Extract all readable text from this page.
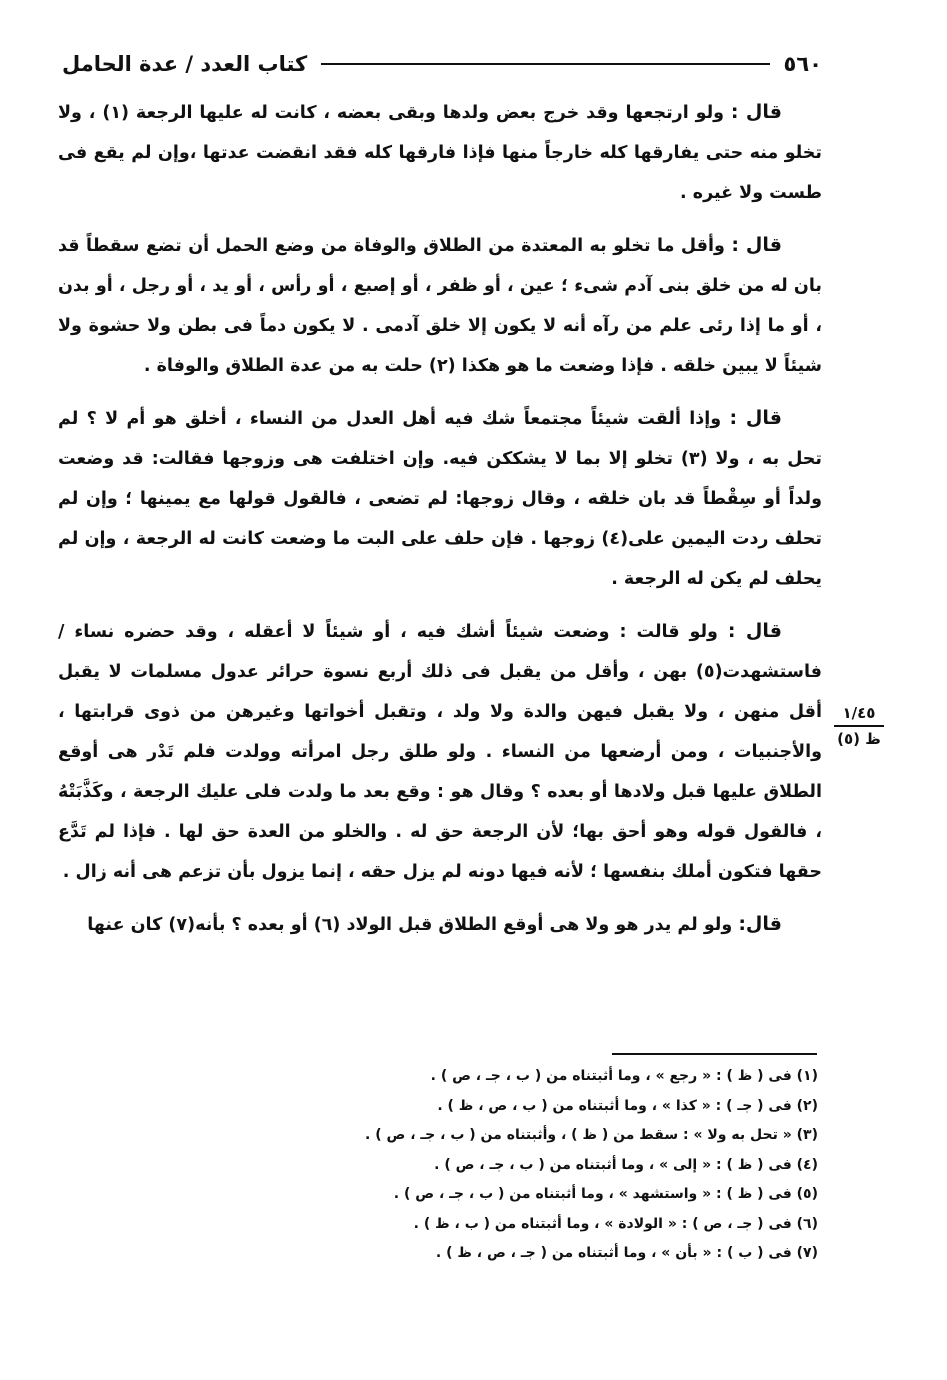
٥٦٠
كتاب العدد / عدة الحامل

قال : ولو ارتجعها وقد خرج بعض ولدها وبقى بعضه ، كانت له عليها الرجعة (١) ، ولا تخلو منه حتى يفارقها كله خارجاً منها فإذا فارقها كله فقد انقضت عدتها ،وإن لم يقع فى طست ولا غيره .

قال : وأقل ما تخلو به المعتدة من الطلاق والوفاة من وضع الحمل أن تضع سقطاً قد بان له من خلق بنى آدم شىء ؛ عين ، أو ظفر ، أو إصبع ، أو رأس ، أو يد ، أو رجل ، أو بدن ، أو ما إذا رئى علم من رآه أنه لا يكون إلا خلق آدمى . لا يكون دماً فى بطن ولا حشوة ولا شيئاً لا يبين خلقه . فإذا وضعت ما هو هكذا (٢) حلت به من عدة الطلاق والوفاة .

قال : وإذا ألقت شيئاً مجتمعاً شك فيه أهل العدل من النساء ، أخلق هو أم لا ؟ لم تحل به ، ولا (٣) تخلو إلا بما لا يشككن فيه. وإن اختلفت هى وزوجها فقالت: قد وضعت ولداً أو سِقْطاً قد بان خلقه ، وقال زوجها: لم تضعى ، فالقول قولها مع يمينها ؛ وإن لم تحلف ردت اليمين على(٤) زوجها . فإن حلف على البت ما وضعت كانت له الرجعة ، وإن لم يحلف لم يكن له الرجعة .

قال : ولو قالت : وضعت شيئاً أشك فيه ، أو شيئاً لا أعقله ، وقد حضره نساء / فاستشهدت(٥) بهن ، وأقل من يقبل فى ذلك أربع نسوة حرائر عدول مسلمات لا يقبل أقل منهن ، ولا يقبل فيهن والدة ولا ولد ، وتقبل أخواتها وغيرهن من ذوى قرابتها ، والأجنبيات ، ومن أرضعها من النساء . ولو طلق رجل امرأته وولدت فلم تَدْر هى أوقع الطلاق عليها قبل ولادها أو بعده ؟ وقال هو : وقع بعد ما ولدت فلى عليك الرجعة ، وكَذَّبَتْهُ ، فالقول قوله وهو أحق بها؛ لأن الرجعة حق له . والخلو من العدة حق لها . فإذا لم تَدَّع حقها فتكون أملك بنفسها ؛ لأنه فيها دونه لم يزل حقه ، إنما يزول بأن تزعم هى أنه زال .

قال: ولو لم يدر هو ولا هى أوقع الطلاق قبل الولاد (٦) أو بعده ؟ بأنه(٧) كان عنها

١/٤٥
ظ (٥)
(١) فى ( ظ ) : « رجع » ، وما أثبتناه من ( ب ، جـ ، ص ) .
(٢) فى ( جـ ) : « كذا » ، وما أثبتناه من ( ب ، ص ، ظ ) .
(٣) « تحل به ولا » : سقط من ( ظ ) ، وأثبتناه من ( ب ، جـ ، ص ) .
(٤) فى ( ظ ) : « إلى » ، وما أثبتناه من ( ب ، جـ ، ص ) .
(٥) فى ( ظ ) : « واستشهد » ، وما أثبتناه من ( ب ، جـ ، ص ) .
(٦) فى ( جـ ، ص ) : « الولادة » ، وما أثبتناه من ( ب ، ظ ) .
(٧) فى ( ب ) : « بأن » ، وما أثبتناه من ( جـ ، ص ، ظ ) .
